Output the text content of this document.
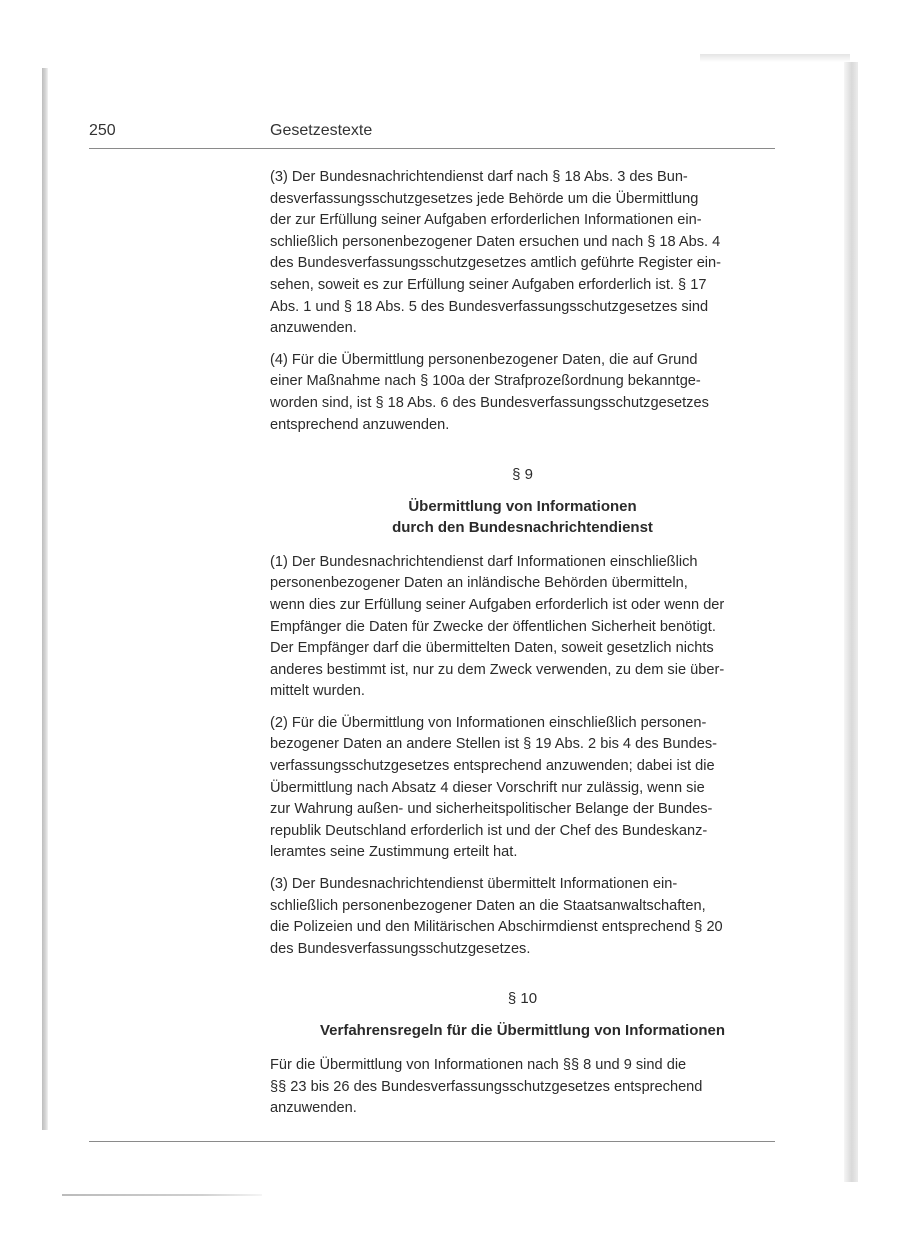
250	Gesetzestexte

(3) Der Bundesnachrichtendienst darf nach § 18 Abs. 3 des Bun-
desverfassungsschutzgesetzes jede Behörde um die Übermittlung
der zur Erfüllung seiner Aufgaben erforderlichen Informationen ein-
schließlich personenbezogener Daten ersuchen und nach § 18 Abs. 4
des Bundesverfassungsschutzgesetzes amtlich geführte Register ein-
sehen, soweit es zur Erfüllung seiner Aufgaben erforderlich ist. § 17
Abs. 1 und § 18 Abs. 5 des Bundesverfassungsschutzgesetzes sind
anzuwenden.

(4) Für die Übermittlung personenbezogener Daten, die auf Grund
einer Maßnahme nach § 100a der Strafprozeßordnung bekanntge-
worden sind, ist § 18 Abs. 6 des Bundesverfassungsschutzgesetzes
entsprechend anzuwenden.

§ 9
Übermittlung von Informationen
durch den Bundesnachrichtendienst

(1) Der Bundesnachrichtendienst darf Informationen einschließlich
personenbezogener Daten an inländische Behörden übermitteln,
wenn dies zur Erfüllung seiner Aufgaben erforderlich ist oder wenn der
Empfänger die Daten für Zwecke der öffentlichen Sicherheit benötigt.
Der Empfänger darf die übermittelten Daten, soweit gesetzlich nichts
anderes bestimmt ist, nur zu dem Zweck verwenden, zu dem sie über-
mittelt wurden.

(2) Für die Übermittlung von Informationen einschließlich personen-
bezogener Daten an andere Stellen ist § 19 Abs. 2 bis 4 des Bundes-
verfassungsschutzgesetzes entsprechend anzuwenden; dabei ist die
Übermittlung nach Absatz 4 dieser Vorschrift nur zulässig, wenn sie
zur Wahrung außen- und sicherheitspolitischer Belange der Bundes-
republik Deutschland erforderlich ist und der Chef des Bundeskanz-
leramtes seine Zustimmung erteilt hat.

(3) Der Bundesnachrichtendienst übermittelt Informationen ein-
schließlich personenbezogener Daten an die Staatsanwaltschaften,
die Polizeien und den Militärischen Abschirmdienst entsprechend § 20
des Bundesverfassungsschutzgesetzes.

§ 10
Verfahrensregeln für die Übermittlung von Informationen

Für die Übermittlung von Informationen nach §§ 8 und 9 sind die
§§ 23 bis 26 des Bundesverfassungsschutzgesetzes entsprechend
anzuwenden.
